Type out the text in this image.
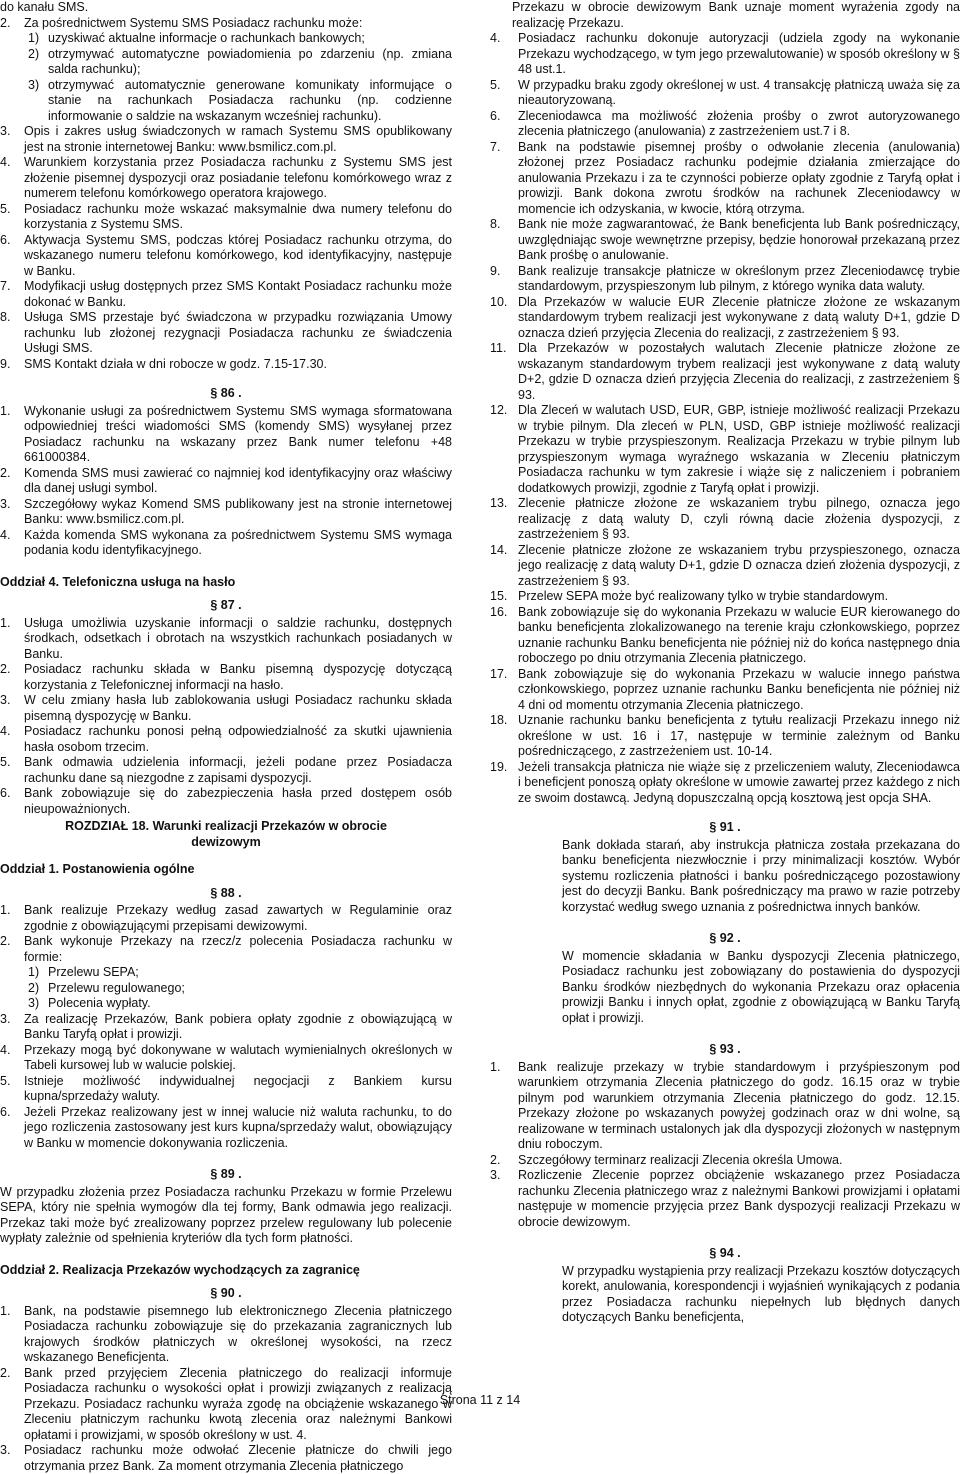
do kanału SMS.

2.	Za pośrednictwem Systemu SMS Posiadacz rachunku może:
1) uzyskiwać aktualne informacje o rachunkach bankowych;
2) otrzymywać automatyczne powiadomienia po zdarzeniu (np. zmiana salda rachunku);
3) otrzymywać automatycznie generowane komunikaty informujące o stanie na rachunkach Posiadacza rachunku (np. codzienne informowanie o saldzie na wskazanym wcześniej rachunku).
3.	Opis i zakres usług świadczonych w ramach Systemu SMS opublikowany jest na stronie internetowej Banku: www.bsmilicz.com.pl.
4.	Warunkiem korzystania przez Posiadacza rachunku z Systemu SMS jest złożenie pisemnej dyspozycji oraz posiadanie telefonu komórkowego wraz z numerem telefonu komórkowego operatora krajowego.
5.	Posiadacz rachunku może wskazać maksymalnie dwa numery telefonu do korzystania z Systemu SMS.
6.	Aktywacja Systemu SMS, podczas której Posiadacz rachunku otrzyma, do wskazanego numeru telefonu komórkowego, kod identyfikacyjny, następuje w Banku.
7.	Modyfikacji usług dostępnych przez SMS Kontakt Posiadacz rachunku może dokonać w Banku.
8.	Usługa SMS przestaje być świadczona w przypadku rozwiązania Umowy rachunku lub złożonej rezygnacji Posiadacza rachunku ze świadczenia Usługi SMS.
9.	SMS Kontakt działa w dni robocze w godz. 7.15-17.30.
§ 86 .
1.	Wykonanie usługi za pośrednictwem Systemu SMS wymaga sformatowana odpowiedniej treści wiadomości SMS (komendy SMS) wysyłanej przez Posiadacz rachunku na wskazany przez Bank numer telefonu +48 661000384.
2.	Komenda SMS musi zawierać co najmniej kod identyfikacyjny oraz właściwy dla danej usługi symbol.
3.	Szczegółowy wykaz Komend SMS publikowany jest na stronie internetowej Banku: www.bsmilicz.com.pl.
4.	Każda komenda SMS wykonana za pośrednictwem Systemu SMS wymaga podania kodu identyfikacyjnego.
Oddział 4. Telefoniczna usługa na hasło
§ 87 .
1.	Usługa umożliwia uzyskanie informacji o saldzie rachunku, dostępnych środkach, odsetkach i obrotach na wszystkich rachunkach posiadanych w Banku.
2.	Posiadacz rachunku składa w Banku pisemną dyspozycję dotyczącą korzystania z Telefonicznej informacji na hasło.
3.	W celu zmiany hasła lub zablokowania usługi Posiadacz rachunku składa pisemną dyspozycję w Banku.
4.	Posiadacz rachunku ponosi pełną odpowiedzialność za skutki ujawnienia hasła osobom trzecim.
5.	Bank odmawia udzielenia informacji, jeżeli podane przez Posiadacza rachunku dane są niezgodne z zapisami dyspozycji.
6.	Bank zobowiązuje się do zabezpieczenia hasła przed dostępem osób nieupoważnionych.
ROZDZIAŁ 18. Warunki realizacji Przekazów w obrocie dewizowym
Oddział 1. Postanowienia ogólne
§ 88 .
1.	Bank realizuje Przekazy według zasad zawartych w Regulaminie oraz zgodnie z obowiązującymi przepisami dewizowymi.
2.	Bank wykonuje Przekazy na rzecz/z polecenia Posiadacza rachunku w formie:
1) Przelewu SEPA;
2) Przelewu regulowanego;
3) Polecenia wypłaty.
3.	Za realizację Przekazów, Bank pobiera opłaty zgodnie z obowiązującą w Banku Taryfą opłat i prowizji.
4.	Przekazy mogą być dokonywane w walutach wymienialnych określonych w Tabeli kursowej lub w walucie polskiej.
5.	Istnieje możliwość indywidualnej negocjacji z Bankiem kursu kupna/sprzedaży waluty.
6.	Jeżeli Przekaz realizowany jest w innej walucie niż waluta rachunku, to do jego rozliczenia zastosowany jest kurs kupna/sprzedaży walut, obowiązujący w Banku w momencie dokonywania rozliczenia.
§ 89 .

W przypadku złożenia przez Posiadacza rachunku Przekazu w formie Przelewu SEPA, który nie spełnia wymogów dla tej formy, Bank odmawia jego realizacji. Przekaz taki może być zrealizowany poprzez przelew regulowany lub polecenie wypłaty zależnie od spełnienia kryteriów dla tych form płatności.

Oddział 2. Realizacja Przekazów wychodzących za zagranicę
§ 90 .
1.	Bank, na podstawie pisemnego lub elektronicznego Zlecenia płatniczego Posiadacza rachunku zobowiązuje się do przekazania zagranicznych lub krajowych środków płatniczych w określonej wysokości, na rzecz wskazanego Beneficjenta.
2.	Bank przed przyjęciem Zlecenia płatniczego do realizacji informuje Posiadacza rachunku o wysokości opłat i prowizji związanych z realizacją Przekazu. Posiadacz rachunku wyraża zgodę na obciążenie wskazanego w Zleceniu płatniczym rachunku kwotą zlecenia oraz należnymi Bankowi opłatami i prowizjami, w sposób określony w ust. 4.
3.	Posiadacz rachunku może odwołać Zlecenie płatnicze do chwili jego otrzymania przez Bank. Za moment otrzymania Zlecenia płatniczego

Przekazu w obrocie dewizowym Bank uznaje moment wyrażenia zgody na realizację Przekazu.

4.	Posiadacz rachunku dokonuje autoryzacji (udziela zgody na wykonanie Przekazu wychodzącego, w tym jego przewalutowanie) w sposób określony w § 48 ust.1.
5.	W przypadku braku zgody określonej w ust. 4 transakcję płatniczą uważa się za nieautoryzowaną.
6.	Zleceniodawca ma możliwość złożenia prośby o zwrot autoryzowanego zlecenia płatniczego (anulowania) z zastrzeżeniem ust.7 i 8.
7.	Bank na podstawie pisemnej prośby o odwołanie zlecenia (anulowania) złożonej przez Posiadacz rachunku podejmie działania zmierzające do anulowania Przekazu i za te czynności pobierze opłaty zgodnie z Taryfą opłat i prowizji. Bank dokona zwrotu środków na rachunek Zleceniodawcy w momencie ich odzyskania, w kwocie, którą otrzyma.
8.	Bank nie może zagwarantować, że Bank beneficjenta lub Bank pośredniczący, uwzględniając swoje wewnętrzne przepisy, będzie honorował przekazaną przez Bank prośbę o anulowanie.
9.	Bank realizuje transakcje płatnicze w określonym przez Zleceniodawcę trybie standardowym, przyspieszonym lub pilnym, z którego wynika data waluty.
10. Dla Przekazów w walucie EUR Zlecenie płatnicze złożone ze wskazanym standardowym trybem realizacji jest wykonywane z datą waluty D+1, gdzie D oznacza dzień przyjęcia Zlecenia do realizacji, z zastrzeżeniem § 93.
11. Dla Przekazów w pozostałych walutach Zlecenie płatnicze złożone ze wskazanym standardowym trybem realizacji jest wykonywane z datą waluty D+2, gdzie D oznacza dzień przyjęcia Zlecenia do realizacji, z zastrzeżeniem § 93.
12. Dla Zleceń w walutach USD, EUR, GBP, istnieje możliwość realizacji Przekazu w trybie pilnym. Dla zleceń w PLN, USD, GBP istnieje możliwość realizacji Przekazu w trybie przyspieszonym. Realizacja Przekazu w trybie pilnym lub przyspieszonym wymaga wyraźnego wskazania w Zleceniu płatniczym Posiadacza rachunku w tym zakresie i wiąże się z naliczeniem i pobraniem dodatkowych prowizji, zgodnie z Taryfą opłat i prowizji.
13. Zlecenie płatnicze złożone ze wskazaniem trybu pilnego, oznacza jego realizację z datą waluty D, czyli równą dacie złożenia dyspozycji, z zastrzeżeniem § 93.
14. Zlecenie płatnicze złożone ze wskazaniem trybu przyspieszonego, oznacza jego realizację z datą waluty D+1, gdzie D oznacza dzień złożenia dyspozycji, z zastrzeżeniem § 93.
15. Przelew SEPA może być realizowany tylko w trybie standardowym.
16. Bank zobowiązuje się do wykonania Przekazu w walucie EUR kierowanego do banku beneficjenta zlokalizowanego na terenie kraju członkowskiego, poprzez uznanie rachunku Banku beneficjenta nie później niż do końca następnego dnia roboczego po dniu otrzymania Zlecenia płatniczego.
17. Bank zobowiązuje się do wykonania Przekazu w walucie innego państwa członkowskiego, poprzez uznanie rachunku Banku beneficjenta nie później niż 4 dni od momentu otrzymania Zlecenia płatniczego.
18. Uznanie rachunku banku beneficjenta z tytułu realizacji Przekazu innego niż określone w ust. 16 i 17, następuje w terminie zależnym od Banku pośredniczącego, z zastrzeżeniem ust. 10-14.
19. Jeżeli transakcja płatnicza nie wiąże się z przeliczeniem waluty, Zleceniodawca i beneficjent ponoszą opłaty określone w umowie zawartej przez każdego z nich ze swoim dostawcą. Jedyną dopuszczalną opcją kosztową jest opcja SHA.
§ 91 .

Bank dokłada starań, aby instrukcja płatnicza została przekazana do banku beneficjenta niezwłocznie i przy minimalizacji kosztów. Wybór systemu rozliczenia płatności i banku pośredniczącego pozostawiony jest do decyzji Banku. Bank pośredniczący ma prawo w razie potrzeby korzystać według swego uznania z pośrednictwa innych banków.

§ 92 .

W momencie składania w Banku dyspozycji Zlecenia płatniczego, Posiadacz rachunku jest zobowiązany do postawienia do dyspozycji Banku środków niezbędnych do wykonania Przekazu oraz opłacenia prowizji Banku i innych opłat, zgodnie z obowiązującą w Banku Taryfą opłat i prowizji.

§ 93 .
1.	Bank realizuje przekazy w trybie standardowym i przyśpieszonym pod warunkiem otrzymania Zlecenia płatniczego do godz. 16.15 oraz w trybie pilnym pod warunkiem otrzymania Zlecenia płatniczego do godz. 12.15. Przekazy złożone po wskazanych powyżej godzinach oraz w dni wolne, są realizowane w terminach ustalonych jak dla dyspozycji złożonych w następnym dniu roboczym.
2.	Szczegółowy terminarz realizacji Zlecenia określa Umowa.
3.	Rozliczenie Zlecenie poprzez obciążenie wskazanego przez Posiadacza rachunku Zlecenia płatniczego wraz z należnymi Bankowi prowizjami i opłatami następuje w momencie przyjęcia przez Bank dyspozycji realizacji Przekazu w obrocie dewizowym.
§ 94 .

W przypadku wystąpienia przy realizacji Przekazu kosztów dotyczących korekt, anulowania, korespondencji i wyjaśnień wynikających z podania przez Posiadacza rachunku niepełnych lub błędnych danych dotyczących Banku beneficjenta,

Strona 11 z 14
